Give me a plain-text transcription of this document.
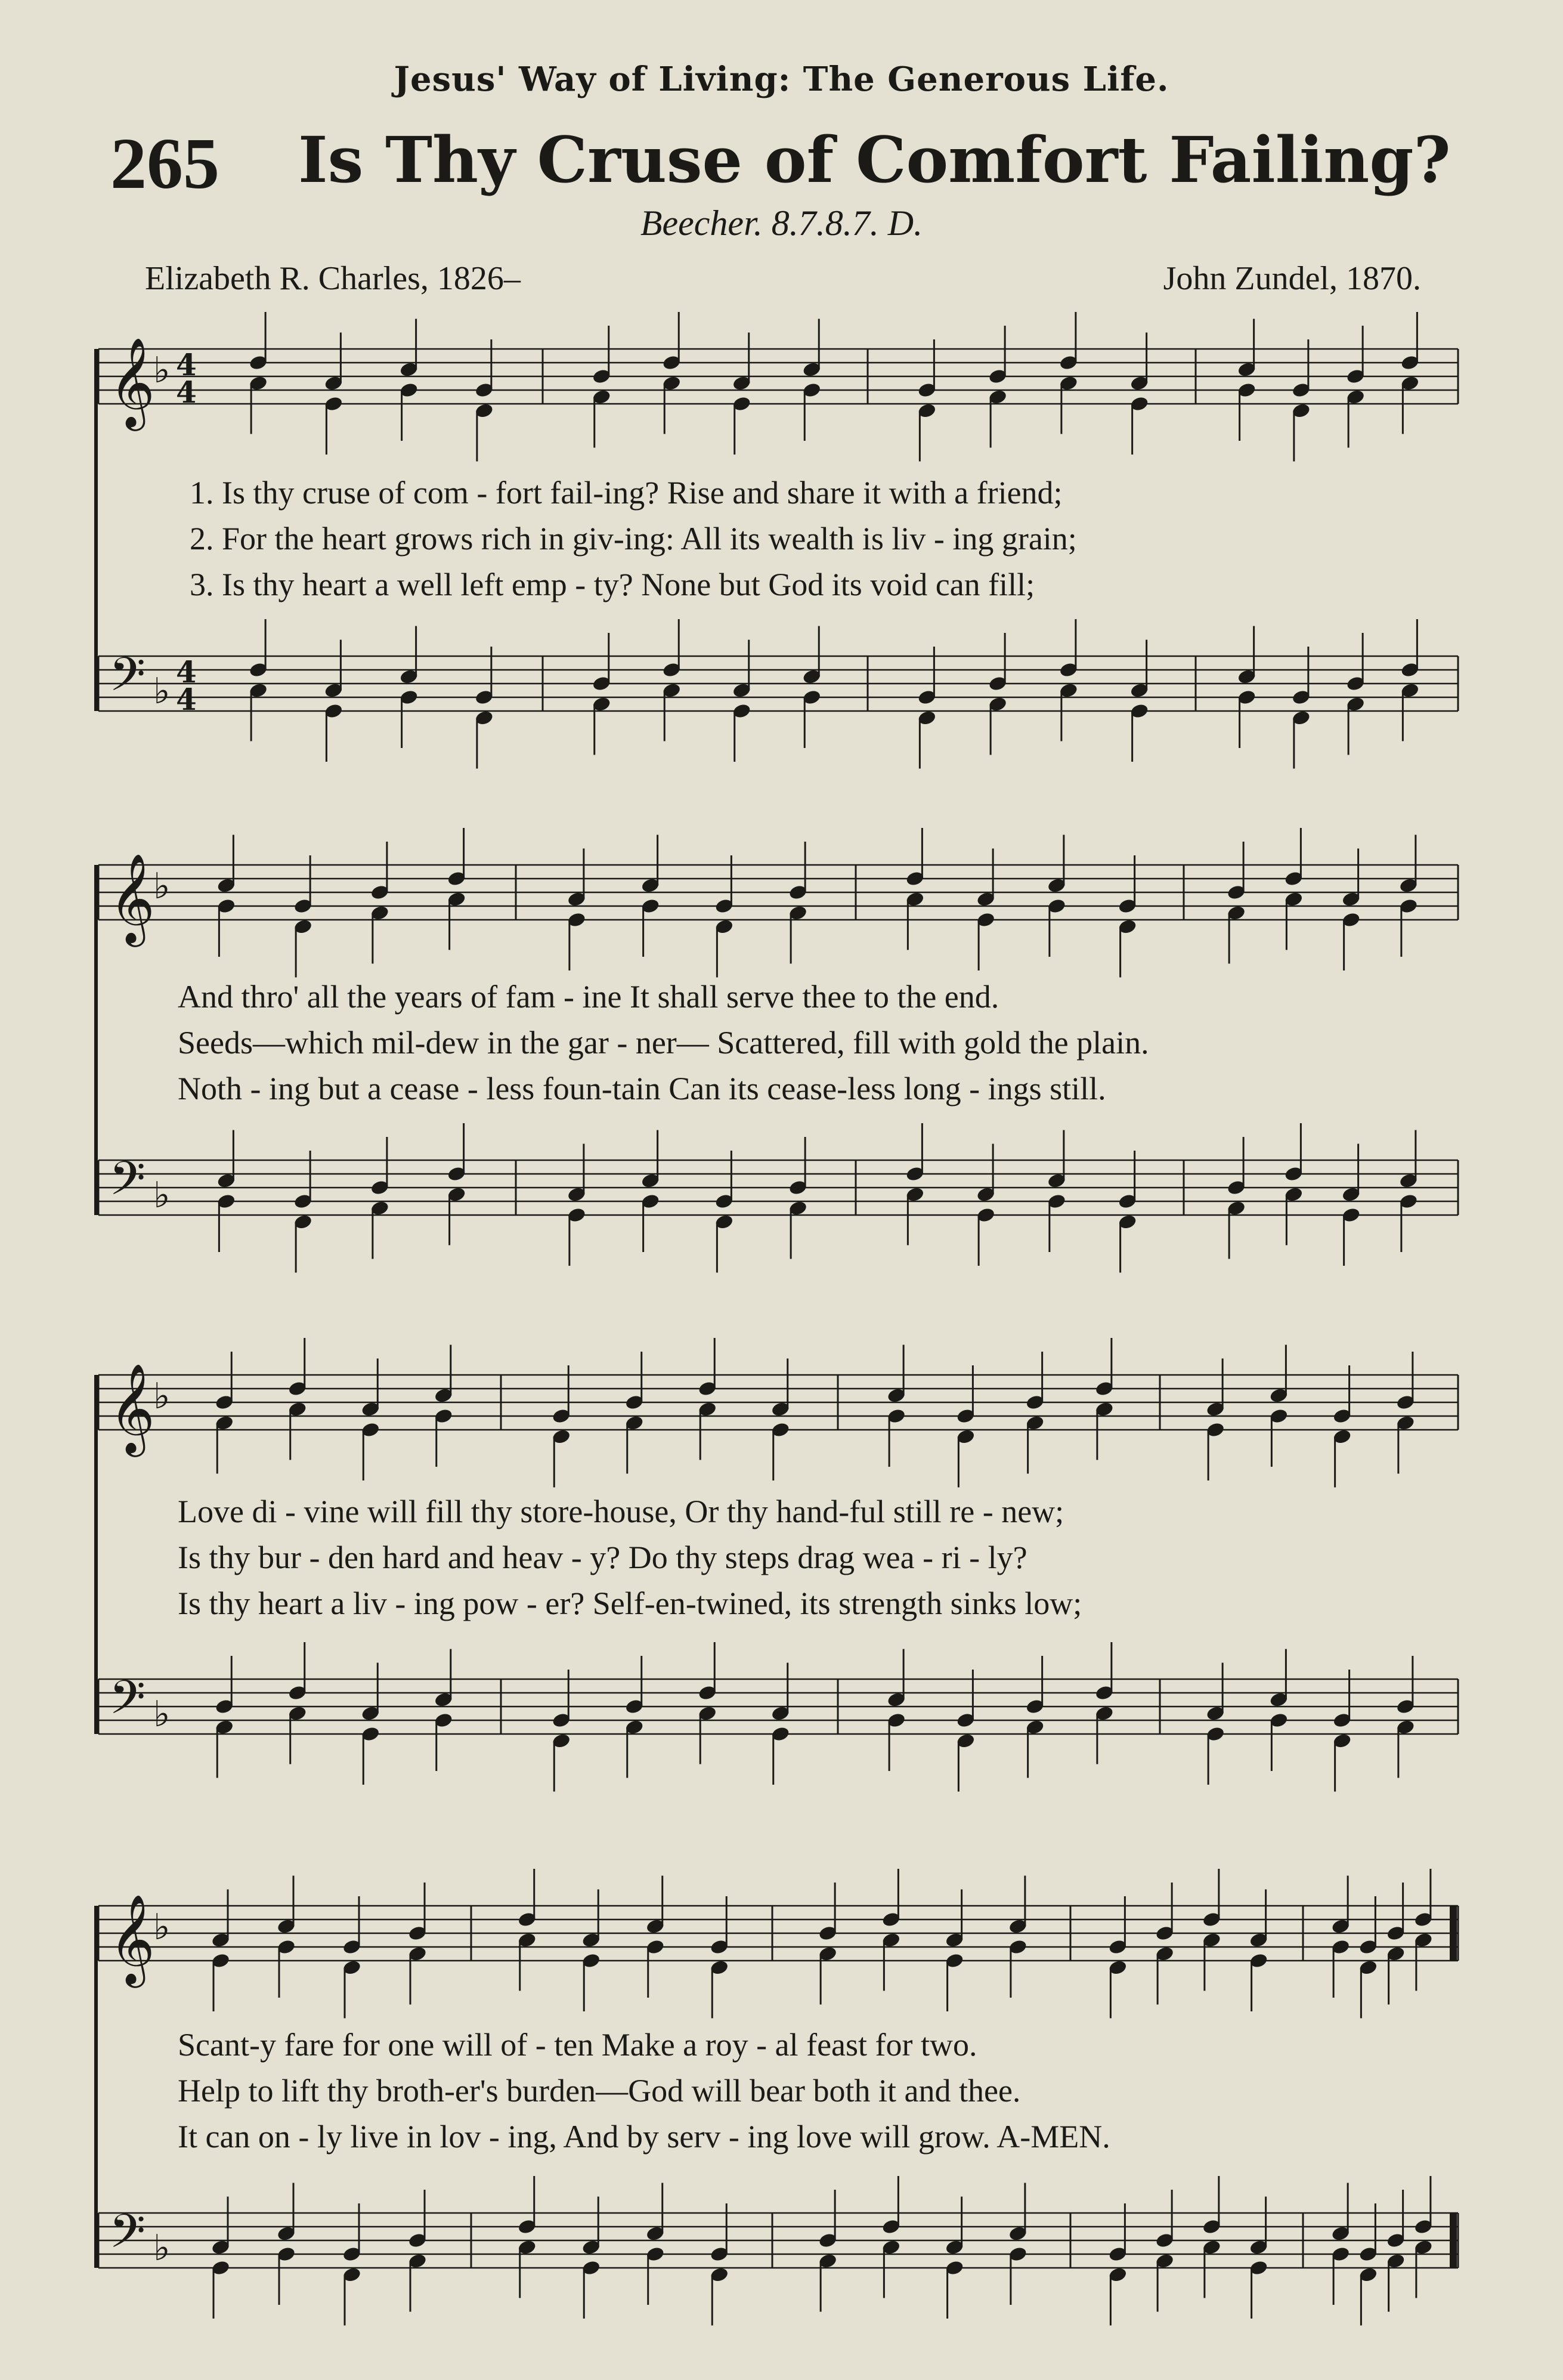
Jesus' Way of Living: The Generous Life.
265 Is Thy Cruse of Comfort Failing?
Beecher. 8.7.8.7. D.
Elizabeth R. Charles, 1826–	John Zundel, 1870.
𝄞
♭ 4
4
𝄢 ♭ 4
4
𝄞
♭
𝄢 ♭
𝄞
♭
𝄢 ♭
𝄞
♭
𝄢 ♭
1. Is thy cruse of com - fort fail-ing? Rise and share it with a friend;
2. For the heart grows rich in giv-ing: All its wealth is liv - ing grain;
3. Is thy heart a well left emp - ty? None but God its void can fill;
And thro' all the years of fam - ine It shall serve thee to the end.
Seeds—which mil-dew in the gar - ner— Scattered, fill with gold the plain.
Noth - ing but a cease - less foun-tain Can its cease-less long - ings still.
Love di - vine will fill thy store-house, Or thy hand-ful still re - new;
Is thy bur - den hard and heav - y? Do thy steps drag wea - ri - ly?
Is thy heart a liv - ing pow - er? Self-en-twined, its strength sinks low;
Scant-y fare for one will of - ten Make a roy - al feast for two.
Help to lift thy broth-er's burden—God will bear both it and thee.
It can on - ly live in lov - ing, And by serv - ing love will grow. A-MEN.
